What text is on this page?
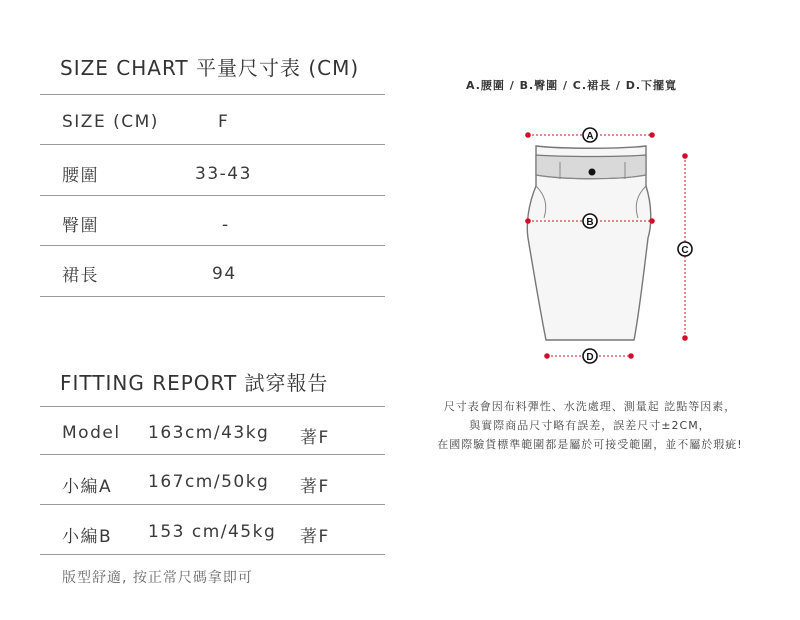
SIZE CHART 平量尺寸表 (CM)
SIZE (CM)	F
腰圍	33-43
臀圍	-
裙長	94
FITTING REPORT 試穿報告
Model 163cm/43kg 著F
小編A 167cm/50kg 著F
小編B 153 cm/45kg 著F
版型舒適, 按正常尺碼拿即可
A.腰圍 / B.臀圍 / C.裙長 / D.下擺寬
A
B
C
D
尺寸表會因布料彈性、水洗處理、測量起 訖點等因素，
與實際商品尺寸略有誤差，誤差尺寸±2CM，
在國際驗貨標準範圍都是屬於可接受範圍，並不屬於瑕疵!
